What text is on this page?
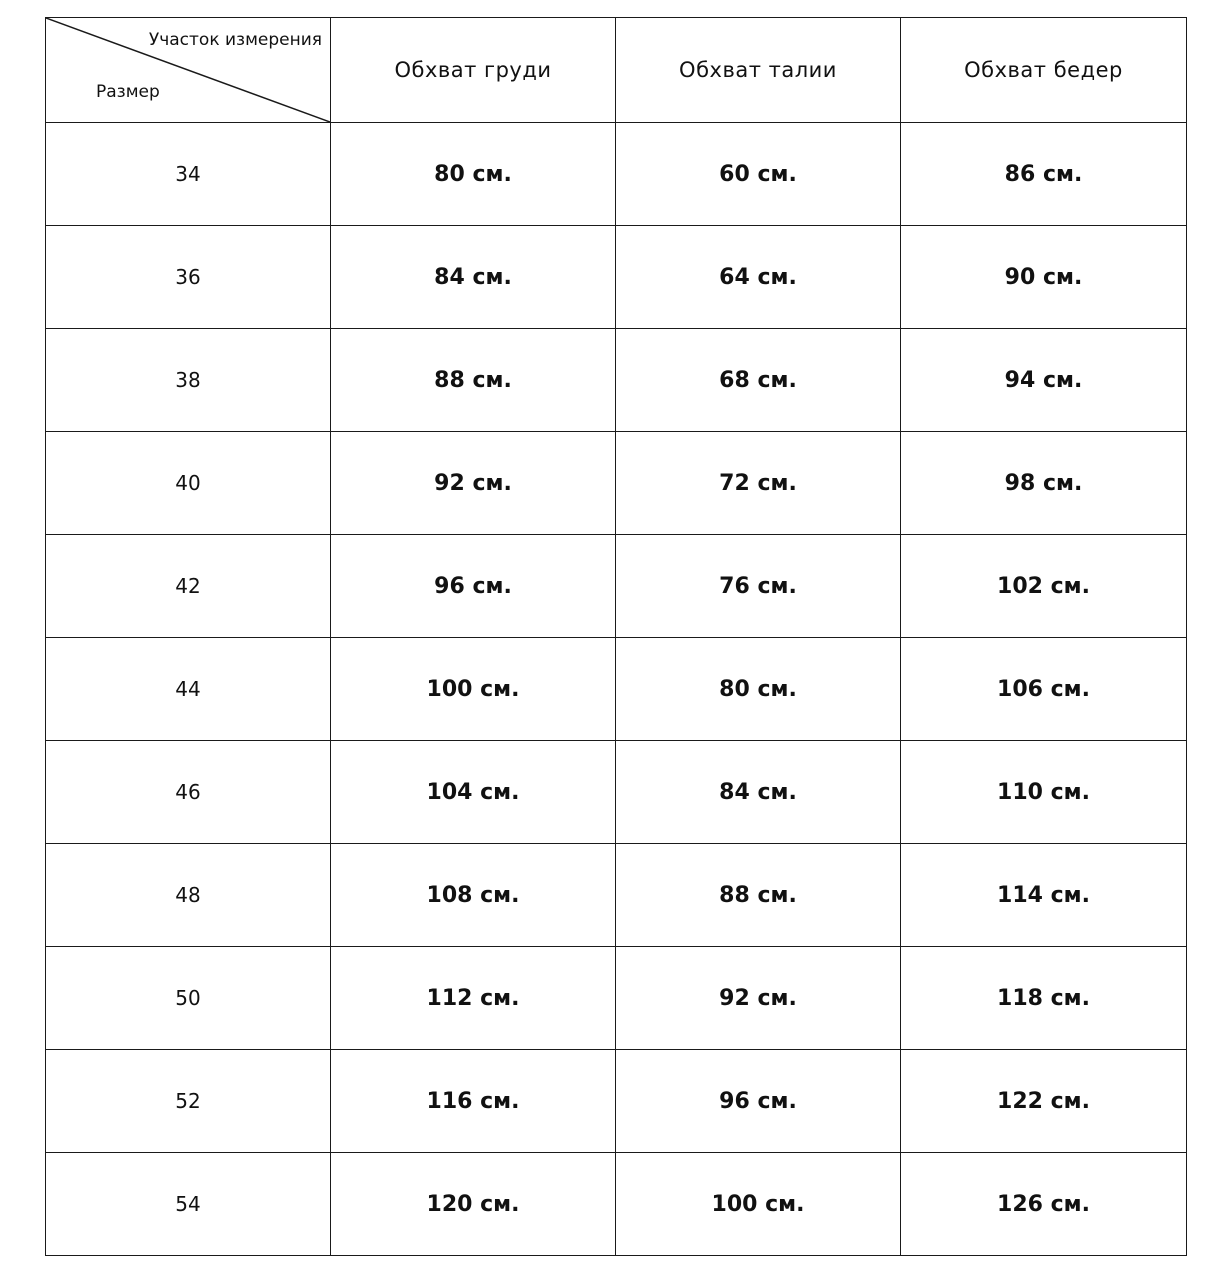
Участок измерения
Размер	Обхват груди	Обхват талии	Обхват бедер
34	80 см.	60 см.	86 см.
36	84 см.	64 см.	90 см.
38	88 см.	68 см.	94 см.
40	92 см.	72 см.	98 см.
42	96 см.	76 см.	102 см.
44	100 см.	80 см.	106 см.
46	104 см.	84 см.	110 см.
48	108 см.	88 см.	114 см.
50	112 см.	92 см.	118 см.
52	116 см.	96 см.	122 см.
54	120 см.	100 см.	126 см.
